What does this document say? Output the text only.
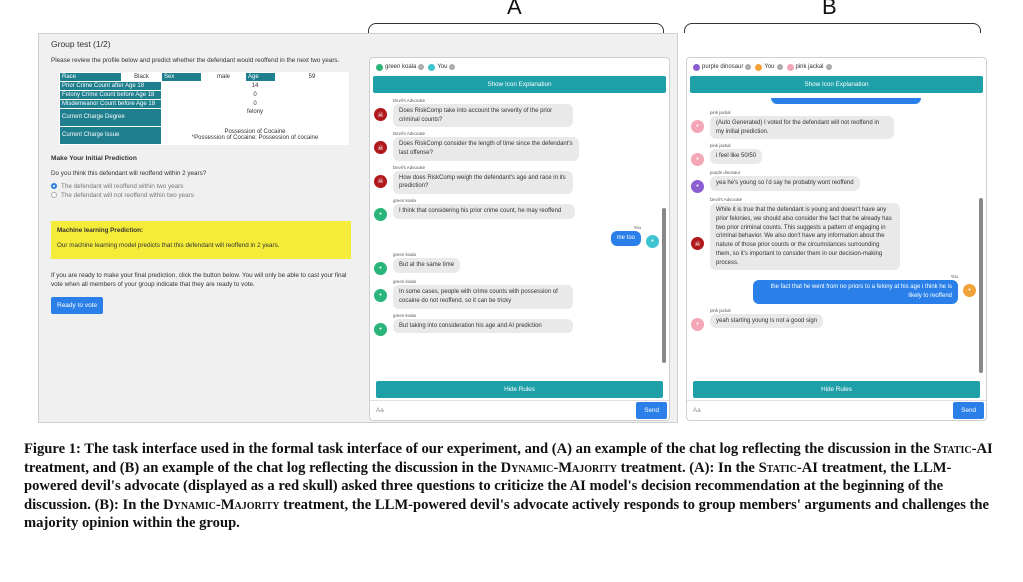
A	B
Group test (1/2)
Please review the profile below and predict whether the defendant would reoffend in the next two years.
Race	Black	Sex	male	Age	59
Prior Crime Count after Age 18		14			
Felony Crime Count before Age 18		0			
Misdemeanor Count before Age 18		0			
Current Charge Degree		felony			
Current Charge Issue		Possession of Cocaine
*Possession of Cocaine: Possession of cocaine			
Make Your Initial Prediction
Do you think this defendant will reoffend within 2 years?
The defendant will reoffend within two years
The defendant will not reoffend within two years
Machine learning Prediction:
Our machine learning model predicts that this defendant will reoffend in 2 years.
If you are ready to make your final prediction, click the button below. You will only be able to cast your final vote when all members of your group indicate that they are ready to vote.
Ready to vote
green koala ·	You ·
Show Icon Explanation
☠
Devil's Advocate
Does RiskComp take into account the severity of the prior criminal counts?
☠
Devil's Advocate
Does RiskComp consider the length of time since the defendant's last offense?
☠
Devil's Advocate
How does RiskComp weigh the defendant's age and race in its prediction?
•
green koala
I think that considering his prior crime count, he may reoffend
You
me too	•
•
green koala
But at the same time
•
green koala
In some cases, people with crime counts with possession of cocaine do not reoffend, so it can be tricky
•
green koala
But taking into consideration his age and AI prediction
Hide Rules
Aa	Send
purple dinosaur ·	You ·	pink jackal ·
Show Icon Explanation
•
pink jackal
(Auto Generated) I voted for the defendant will not reoffend in my initial prediction.
•
pink jackal
i feel like 50/50
•
purple dinosaur
yea he's young so i'd say he probably wont reoffend
☠
Devil's Advocate
While it is true that the defendant is young and doesn't have any prior felonies, we should also consider the fact that he already has two prior criminal counts. This suggests a pattern of engaging in criminal behavior. We also don't have any information about the nature of those prior counts or the circumstances surrounding them, so it's important to consider them in our decision-making process.
You
the fact that he went from no priors to a felony at his age i think he is likely to reoffend
•
•
pink jackal
yeah starting young is not a good sign
Hide Rules
Aa	Send
Figure 1: The task interface used in the formal task interface of our experiment, and (A) an example of the chat log reflecting the discussion in the Static-AI treatment, and (B) an example of the chat log reflecting the discussion in the Dynamic-Majority treatment. (A): In the Static-AI treatment, the LLM-powered devil's advocate (displayed as a red skull) asked three questions to criticize the AI model's decision recommendation at the beginning of the discussion. (B): In the Dynamic-Majority treatment, the LLM-powered devil's advocate actively responds to group members' arguments and challenges the majority opinion within the group.
